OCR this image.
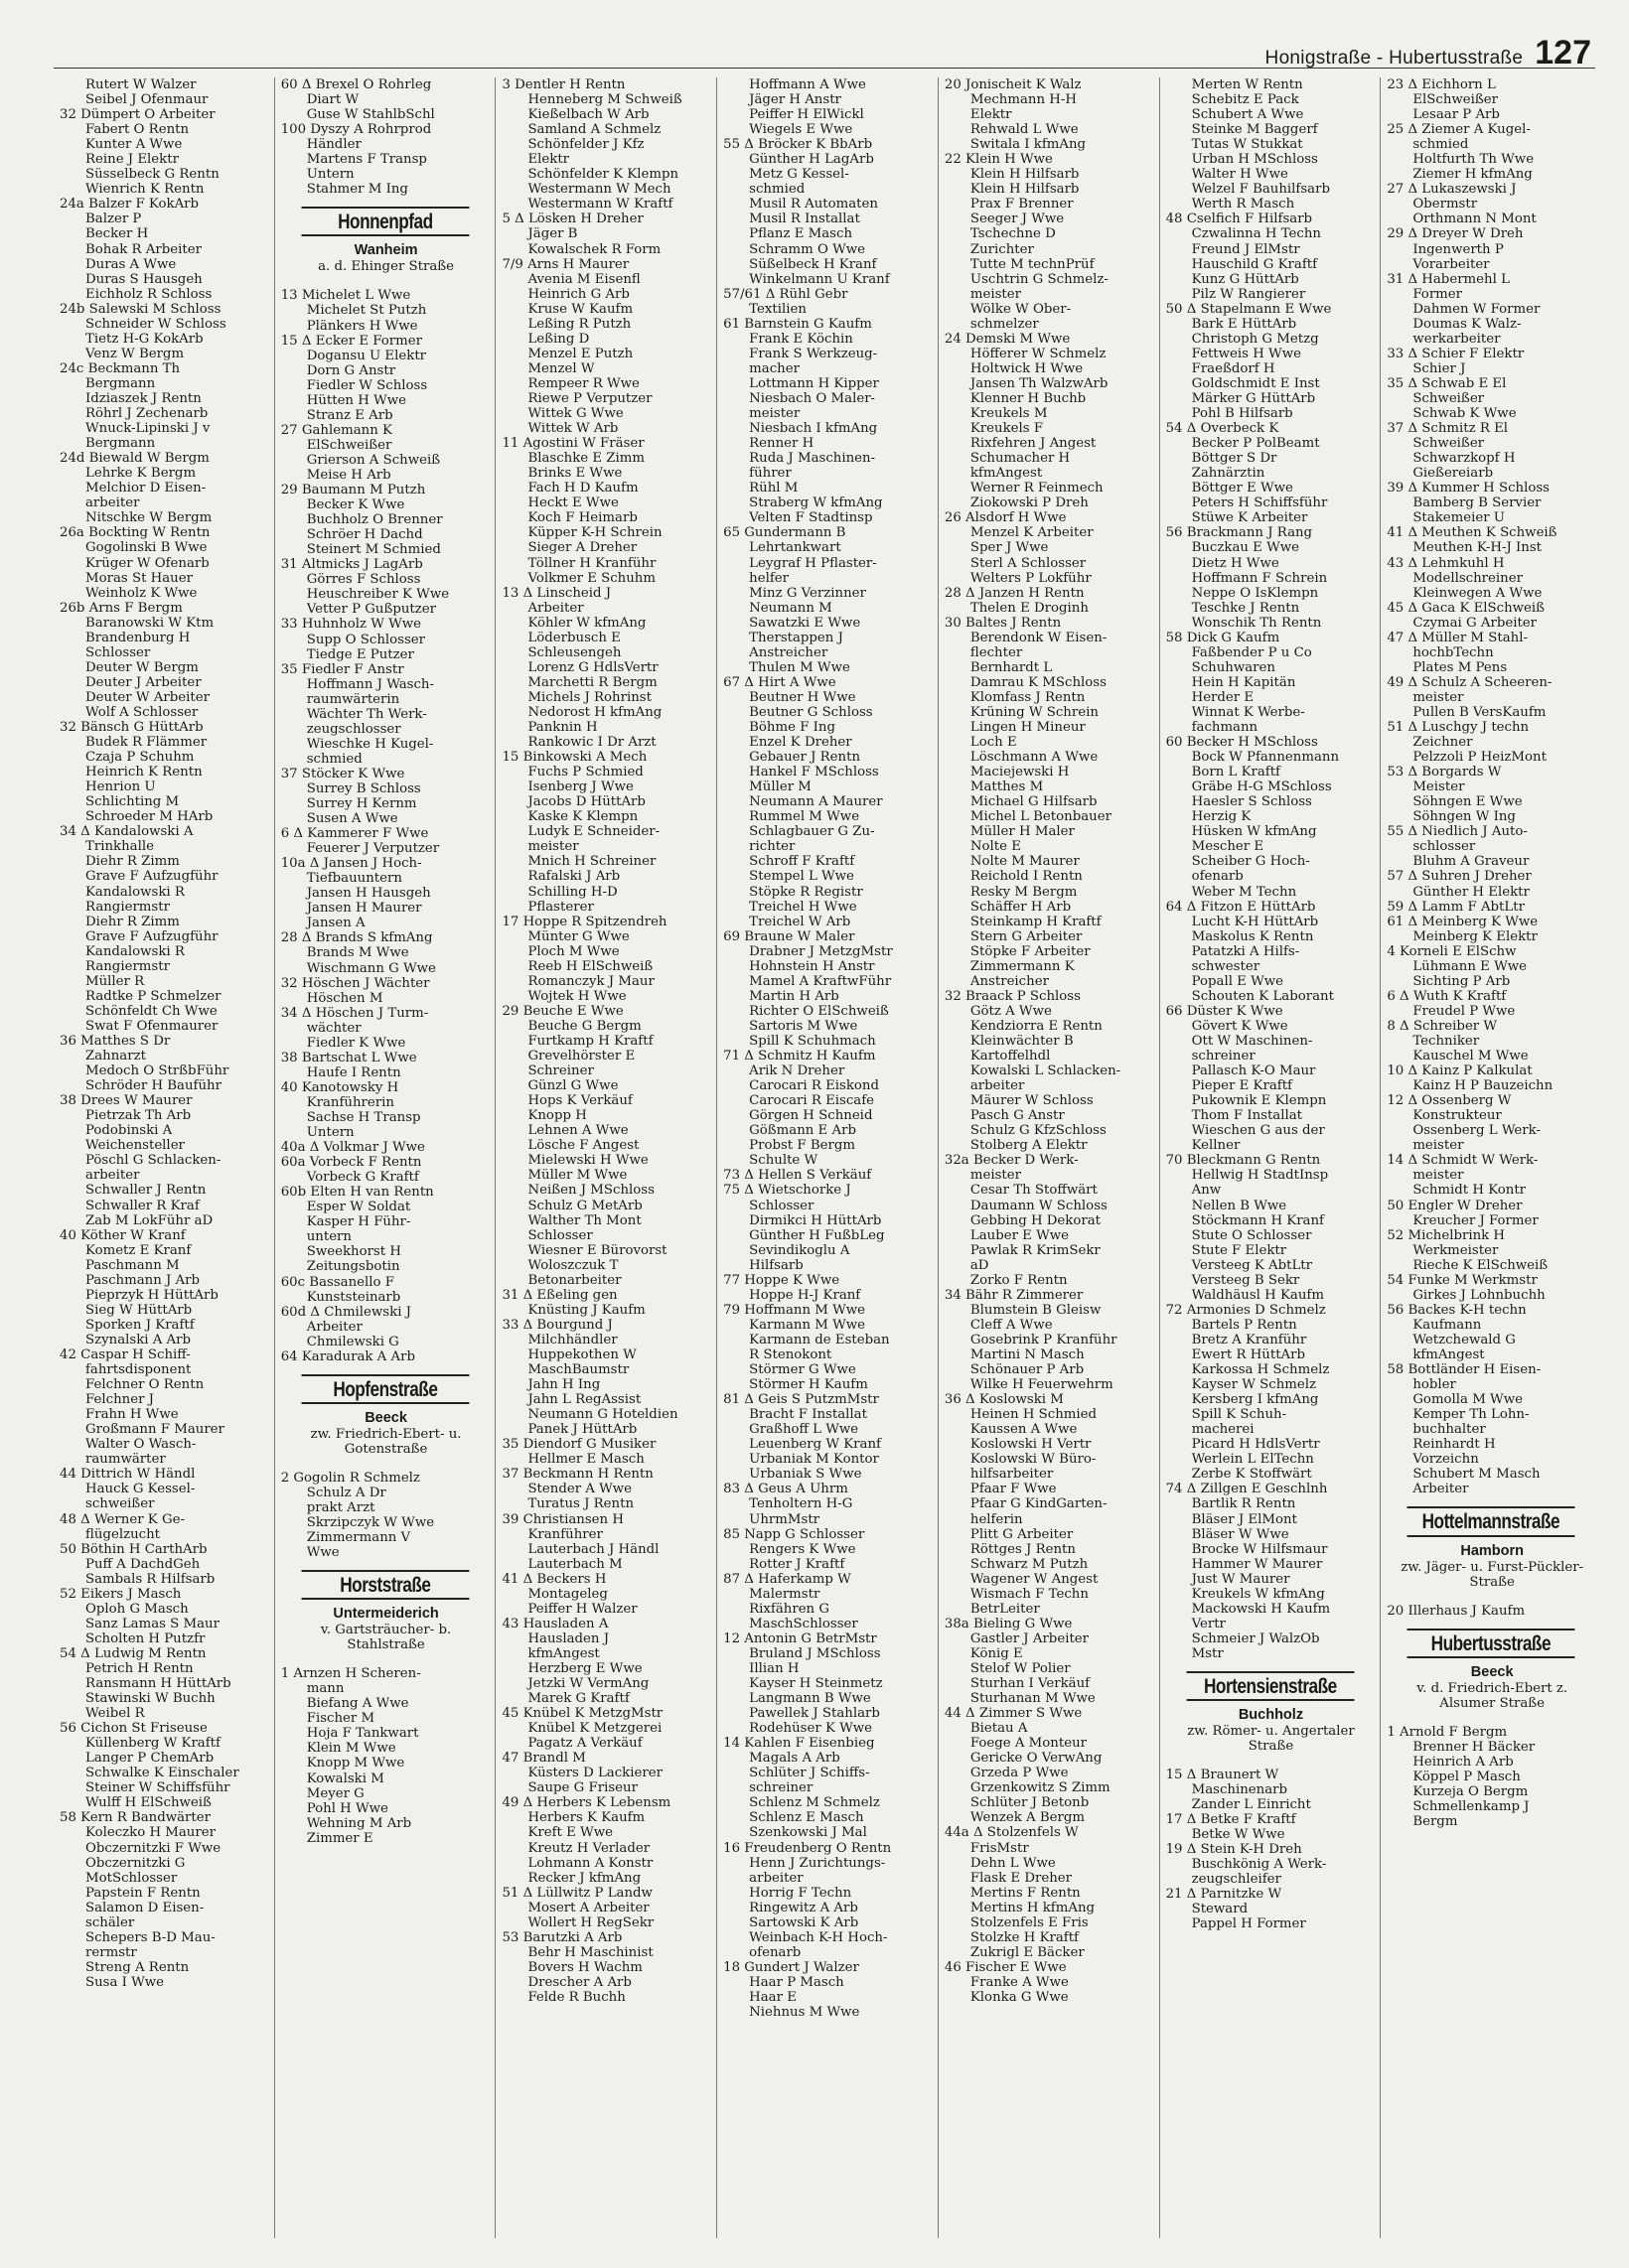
Honigstraße - Hubertusstraße 127
Rutert W Walzer
Seibel J Ofenmaur
32 Dümpert O Arbeiter
Fabert O Rentn
Kunter A Wwe
Reine J Elektr
Süsselbeck G Rentn
Wienrich K Rentn
24a Balzer F KokArb
Balzer P
Becker H
Bohak R Arbeiter
Duras A Wwe
Duras S Hausgeh
Eichholz R Schloss
24b Salewski M Schloss
Schneider W Schloss
Tietz H-G KokArb
Venz W Bergm
24c Beckmann Th
Bergmann
Idziaszek J Rentn
Röhrl J Zechenarb
Wnuck-Lipinski J v
Bergmann
24d Biewald W Bergm
Lehrke K Bergm
Melchior D Eisen-
arbeiter
Nitschke W Bergm
26a Bockting W Rentn
Gogolinski B Wwe
Krüger W Ofenarb
Moras St Hauer
Weinholz K Wwe
26b Arns F Bergm
Baranowski W Ktm
Brandenburg H
Schlosser
Deuter W Bergm
Deuter J Arbeiter
Deuter W Arbeiter
Wolf A Schlosser
32 Bänsch G HüttArb
Budek R Flämmer
Czaja P Schuhm
Heinrich K Rentn
Henrion U
Schlichting M
Schroeder M HArb
34 Δ Kandalowski A
Trinkhalle
Diehr R Zimm
Grave F Aufzugführ
Kandalowski R
Rangiermstr
Diehr R Zimm
Grave F Aufzugführ
Kandalowski R
Rangiermstr
Müller R
Radtke P Schmelzer
Schönfeldt Ch Wwe
Swat F Ofenmaurer
36 Matthes S Dr
Zahnarzt
Medoch O StrßbFühr
Schröder H Bauführ
38 Drees W Maurer
Pietrzak Th Arb
Podobinski A
Weichensteller
Pöschl G Schlacken-
arbeiter
Schwaller J Rentn
Schwaller R Kraf
Zab M LokFühr aD
40 Köther W Kranf
Kometz E Kranf
Paschmann M
Paschmann J Arb
Pieprzyk H HüttArb
Sieg W HüttArb
Sporken J Kraftf
Szynalski A Arb
42 Caspar H Schiff-
fahrtsdisponent
Felchner O Rentn
Felchner J
Frahn H Wwe
Großmann F Maurer
Walter O Wasch-
raumwärter
44 Dittrich W Händl
Hauck G Kessel-
schweißer
48 Δ Werner K Ge-
flügelzucht
50 Böthin H CarthArb
Puff A DachdGeh
Sambals R Hilfsarb
52 Eikers J Masch
Oploh G Masch
Sanz Lamas S Maur
Scholten H Putzfr
54 Δ Ludwig M Rentn
Petrich H Rentn
Ransmann H HüttArb
Stawinski W Buchh
Weibel R
56 Cichon St Friseuse
Küllenberg W Kraftf
Langer P ChemArb
Schwalke K Einschaler
Steiner W Schiffsführ
Wulff H ElSchweiß
58 Kern R Bandwärter
Koleczko H Maurer
Obczernitzki F Wwe
Obczernitzki G
MotSchlosser
Papstein F Rentn
Salamon D Eisen-
schäler
Schepers B-D Mau-
rermstr
Streng A Rentn
Susa I Wwe
60 Δ Brexel O Rohrleg
Diart W
Guse W StahlbSchl
100 Dyszy A Rohrprod
Händler
Martens F Transp
Untern
Stahmer M Ing
Honnenpfad
Wanheim
a. d. Ehinger Straße
13 Michelet L Wwe
Michelet St Putzh
Plänkers H Wwe
15 Δ Ecker E Former
Dogansu U Elektr
Dorn G Anstr
Fiedler W Schloss
Hütten H Wwe
Stranz E Arb
27 Gahlemann K
ElSchweißer
Grierson A Schweiß
Meise H Arb
29 Baumann M Putzh
Becker K Wwe
Buchholz O Brenner
Schröer H Dachd
Steinert M Schmied
31 Altmicks J LagArb
Görres F Schloss
Heuschreiber K Wwe
Vetter P Gußputzer
33 Huhnholz W Wwe
Supp O Schlosser
Tiedge E Putzer
35 Fiedler F Anstr
Hoffmann J Wasch-
raumwärterin
Wächter Th Werk-
zeugschlosser
Wieschke H Kugel-
schmied
37 Stöcker K Wwe
Surrey B Schloss
Surrey H Kernm
Susen A Wwe
6 Δ Kammerer F Wwe
Feuerer J Verputzer
10a Δ Jansen J Hoch-
Tiefbauuntern
Jansen H Hausgeh
Jansen H Maurer
Jansen A
28 Δ Brands S kfmAng
Brands M Wwe
Wischmann G Wwe
32 Höschen J Wächter
Höschen M
34 Δ Höschen J Turm-
wächter
Fiedler K Wwe
38 Bartschat L Wwe
Haufe I Rentn
40 Kanotowsky H
Kranführerin
Sachse H Transp
Untern
40a Δ Volkmar J Wwe
60a Vorbeck F Rentn
Vorbeck G Kraftf
60b Elten H van Rentn
Esper W Soldat
Kasper H Führ-
untern
Sweekhorst H
Zeitungsbotin
60c Bassanello F
Kunststeinarb
60d Δ Chmilewski J
Arbeiter
Chmilewski G
64 Karadurak A Arb
Hopfenstraße
Beeck
zw. Friedrich-Ebert- u. Gotenstraße
2 Gogolin R Schmelz
Schulz A Dr
prakt Arzt
Skrzipczyk W Wwe
Zimmermann V
Wwe
Horststraße
Untermeiderich
v. Gartsträucher- b. Stahlstraße
1 Arnzen H Scheren-
mann
Biefang A Wwe
Fischer M
Hoja F Tankwart
Klein M Wwe
Knopp M Wwe
Kowalski M
Meyer G
Pohl H Wwe
Wehning M Arb
Zimmer E
3 Dentler H Rentn
Henneberg M Schweiß
Kießelbach W Arb
Samland A Schmelz
Schönfelder J Kfz
Elektr
Schönfelder K Klempn
Westermann W Mech
Westermann W Kraftf
5 Δ Lösken H Dreher
Jäger B
Kowalschek R Form
7/9 Arns H Maurer
Avenia M Eisenfl
Heinrich G Arb
Kruse W Kaufm
Leßing R Putzh
Leßing D
Menzel E Putzh
Menzel W
Rempeer R Wwe
Riewe P Verputzer
Wittek G Wwe
Wittek W Arb
11 Agostini W Fräser
Blaschke E Zimm
Brinks E Wwe
Fach H D Kaufm
Heckt E Wwe
Koch F Heimarb
Küpper K-H Schrein
Sieger A Dreher
Töllner H Kranführ
Volkmer E Schuhm
13 Δ Linscheid J
Arbeiter
Köhler W kfmAng
Löderbusch E
Schleusengeh
Lorenz G HdlsVertr
Marchetti R Bergm
Michels J Rohrinst
Nedorost H kfmAng
Panknin H
Rankowic I Dr Arzt
15 Binkowski A Mech
Fuchs P Schmied
Isenberg J Wwe
Jacobs D HüttArb
Kaske K Klempn
Ludyk E Schneider-
meister
Mnich H Schreiner
Rafalski J Arb
Schilling H-D
Pflasterer
17 Hoppe R Spitzendreh
Münter G Wwe
Ploch M Wwe
Reeb H ElSchweiß
Romanczyk J Maur
Wojtek H Wwe
29 Beuche E Wwe
Beuche G Bergm
Furtkamp H Kraftf
Grevelhörster E
Schreiner
Günzl G Wwe
Hops K Verkäuf
Knopp H
Lehnen A Wwe
Lösche F Angest
Mielewski H Wwe
Müller M Wwe
Neißen J MSchloss
Schulz G MetArb
Walther Th Mont
Schlosser
Wiesner E Bürovorst
Woloszczuk T
Betonarbeiter
31 Δ Eßeling gen
Knüsting J Kaufm
33 Δ Bourgund J
Milchhändler
Huppekothen W
MaschBaumstr
Jahn H Ing
Jahn L RegAssist
Neumann G Hoteldien
Panek J HüttArb
35 Diendorf G Musiker
Hellmer E Masch
37 Beckmann H Rentn
Stender A Wwe
Turatus J Rentn
39 Christiansen H
Kranführer
Lauterbach J Händl
Lauterbach M
41 Δ Beckers H
Montageleg
Peiffer H Walzer
43 Hausladen A
Hausladen J
kfmAngest
Herzberg E Wwe
Jetzki W VermAng
Marek G Kraftf
45 Knübel K MetzgMstr
Knübel K Metzgerei
Pagatz A Verkäuf
47 Brandl M
Küsters D Lackierer
Saupe G Friseur
49 Δ Herbers K Lebensm
Herbers K Kaufm
Kreft E Wwe
Kreutz H Verlader
Lohmann A Konstr
Recker J kfmAng
51 Δ Lüllwitz P Landw
Mosert A Arbeiter
Wollert H RegSekr
53 Barutzki A Arb
Behr H Maschinist
Bovers H Wachm
Drescher A Arb
Felde R Buchh
Hoffmann A Wwe
Jäger H Anstr
Peiffer H ElWickl
Wiegels E Wwe
55 Δ Bröcker K BbArb
Günther H LagArb
Metz G Kessel-
schmied
Musil R Automaten
Musil R Installat
Pflanz E Masch
Schramm O Wwe
Süßelbeck H Kranf
Winkelmann U Kranf
57/61 Δ Rühl Gebr
Textilien
61 Barnstein G Kaufm
Frank E Köchin
Frank S Werkzeug-
macher
Lottmann H Kipper
Niesbach O Maler-
meister
Niesbach I kfmAng
Renner H
Ruda J Maschinen-
führer
Rühl M
Straberg W kfmAng
Velten F Stadtinsp
65 Gundermann B
Lehrtankwart
Leygraf H Pflaster-
helfer
Minz G Verzinner
Neumann M
Sawatzki E Wwe
Therstappen J
Anstreicher
Thulen M Wwe
67 Δ Hirt A Wwe
Beutner H Wwe
Beutner G Schloss
Böhme F Ing
Enzel K Dreher
Gebauer J Rentn
Hankel F MSchloss
Müller M
Neumann A Maurer
Rummel M Wwe
Schlagbauer G Zu-
richter
Schroff F Kraftf
Stempel L Wwe
Stöpke R Registr
Treichel H Wwe
Treichel W Arb
69 Braune W Maler
Drabner J MetzgMstr
Hohnstein H Anstr
Mamel A KraftwFühr
Martin H Arb
Richter O ElSchweiß
Sartoris M Wwe
Spill K Schuhmach
71 Δ Schmitz H Kaufm
Arik N Dreher
Carocari R Eiskond
Carocari R Eiscafe
Görgen H Schneid
Gößmann E Arb
Probst F Bergm
Schulte W
73 Δ Hellen S Verkäuf
75 Δ Wietschorke J
Schlosser
Dirmikci H HüttArb
Günther H FußbLeg
Sevindikoglu A
Hilfsarb
77 Hoppe K Wwe
Hoppe H-J Kranf
79 Hoffmann M Wwe
Karmann M Wwe
Karmann de Esteban
R Stenokont
Störmer G Wwe
Störmer H Kaufm
81 Δ Geis S PutzmMstr
Bracht F Installat
Graßhoff L Wwe
Leuenberg W Kranf
Urbaniak M Kontor
Urbaniak S Wwe
83 Δ Geus A Uhrm
Tenholtern H-G
UhrmMstr
85 Napp G Schlosser
Rengers K Wwe
Rotter J Kraftf
87 Δ Haferkamp W
Malermstr
Rixfähren G
MaschSchlosser
12 Antonin G BetrMstr
Bruland J MSchloss
Illian H
Kayser H Steinmetz
Langmann B Wwe
Pawellek J Stahlarb
Rodehüser K Wwe
14 Kahlen F Eisenbieg
Magals A Arb
Schlüter J Schiffs-
schreiner
Schlenz M Schmelz
Schlenz E Masch
Szenkowski J Mal
16 Freudenberg O Rentn
Henn J Zurichtungs-
arbeiter
Horrig F Techn
Ringewitz A Arb
Sartowski K Arb
Weinbach K-H Hoch-
ofenarb
18 Gundert J Walzer
Haar P Masch
Haar E
Niehnus M Wwe
20 Jonischeit K Walz
Mechmann H-H
Elektr
Rehwald L Wwe
Switala I kfmAng
22 Klein H Wwe
Klein H Hilfsarb
Klein H Hilfsarb
Prax F Brenner
Seeger J Wwe
Tschechne D
Zurichter
Tutte M technPrüf
Uschtrin G Schmelz-
meister
Wölke W Ober-
schmelzer
24 Demski M Wwe
Höfferer W Schmelz
Holtwick H Wwe
Jansen Th WalzwArb
Klenner H Buchb
Kreukels M
Kreukels F
Rixfehren J Angest
Schumacher H
kfmAngest
Werner R Feinmech
Ziokowski P Dreh
26 Alsdorf H Wwe
Menzel K Arbeiter
Sper J Wwe
Sterl A Schlosser
Welters P Lokführ
28 Δ Janzen H Rentn
Thelen E Droginh
30 Baltes J Rentn
Berendonk W Eisen-
flechter
Bernhardt L
Damrau K MSchloss
Klomfass J Rentn
Krüning W Schrein
Lingen H Mineur
Loch E
Löschmann A Wwe
Maciejewski H
Matthes M
Michael G Hilfsarb
Michel L Betonbauer
Müller H Maler
Nolte E
Nolte M Maurer
Reichold I Rentn
Resky M Bergm
Schäffer H Arb
Steinkamp H Kraftf
Stern G Arbeiter
Stöpke F Arbeiter
Zimmermann K
Anstreicher
32 Braack P Schloss
Götz A Wwe
Kendziorra E Rentn
Kleinwächter B
Kartoffelhdl
Kowalski L Schlacken-
arbeiter
Mäurer W Schloss
Pasch G Anstr
Schulz G KfzSchloss
Stolberg A Elektr
32a Becker D Werk-
meister
Cesar Th Stoffwärt
Daumann W Schloss
Gebbing H Dekorat
Lauber E Wwe
Pawlak R KrimSekr
aD
Zorko F Rentn
34 Bähr R Zimmerer
Blumstein B Gleisw
Cleff A Wwe
Gosebrink P Kranführ
Martini N Masch
Schönauer P Arb
Wilke H Feuerwehrm
36 Δ Koslowski M
Heinen H Schmied
Kaussen A Wwe
Koslowski H Vertr
Koslowski W Büro-
hilfsarbeiter
Pfaar F Wwe
Pfaar G KindGarten-
helferin
Plitt G Arbeiter
Röttges J Rentn
Schwarz M Putzh
Wagener W Angest
Wismach F Techn
BetrLeiter
38a Bieling G Wwe
Gastler J Arbeiter
König E
Stelof W Polier
Sturhan I Verkäuf
Sturhanan M Wwe
44 Δ Zimmer S Wwe
Bietau A
Foege A Monteur
Gericke O VerwAng
Grzeda P Wwe
Grzenkowitz S Zimm
Schlüter J Betonb
Wenzek A Bergm
44a Δ Stolzenfels W
FrisMstr
Dehn L Wwe
Flask E Dreher
Mertins F Rentn
Mertins H kfmAng
Stolzenfels E Fris
Stolzke H Kraftf
Zukrigl E Bäcker
46 Fischer E Wwe
Franke A Wwe
Klonka G Wwe
Merten W Rentn
Schebitz E Pack
Schubert A Wwe
Steinke M Baggerf
Tutas W Stukkat
Urban H MSchloss
Walter H Wwe
Welzel F Bauhilfsarb
Werth R Masch
48 Cselfich F Hilfsarb
Czwalinna H Techn
Freund J ElMstr
Hauschild G Kraftf
Kunz G HüttArb
Pilz W Rangierer
50 Δ Stapelmann E Wwe
Bark E HüttArb
Christoph G Metzg
Fettweis H Wwe
Fraeßdorf H
Goldschmidt E Inst
Märker G HüttArb
Pohl B Hilfsarb
54 Δ Overbeck K
Becker P PolBeamt
Böttger S Dr
Zahnärztin
Böttger E Wwe
Peters H Schiffsführ
Stüwe K Arbeiter
56 Brackmann J Rang
Buczkau E Wwe
Dietz H Wwe
Hoffmann F Schrein
Neppe O IsKlempn
Teschke J Rentn
Wonschik Th Rentn
58 Dick G Kaufm
Faßbender P u Co
Schuhwaren
Hein H Kapitän
Herder E
Winnat K Werbe-
fachmann
60 Becker H MSchloss
Bock W Pfannenmann
Born L Kraftf
Gräbe H-G MSchloss
Haesler S Schloss
Herzig K
Hüsken W kfmAng
Mescher E
Scheiber G Hoch-
ofenarb
Weber M Techn
64 Δ Fitzon E HüttArb
Lucht K-H HüttArb
Maskolus K Rentn
Patatzki A Hilfs-
schwester
Popall E Wwe
Schouten K Laborant
66 Düster K Wwe
Gövert K Wwe
Ott W Maschinen-
schreiner
Pallasch K-O Maur
Pieper E Kraftf
Pukownik E Klempn
Thom F Installat
Wieschen G aus der
Kellner
70 Bleckmann G Rentn
Hellwig H StadtInsp
Anw
Nellen B Wwe
Stöckmann H Kranf
Stute O Schlosser
Stute F Elektr
Versteeg K AbtLtr
Versteeg B Sekr
Waldhäusl H Kaufm
72 Armonies D Schmelz
Bartels P Rentn
Bretz A Kranführ
Ewert R HüttArb
Karkossa H Schmelz
Kayser W Schmelz
Kersberg I kfmAng
Spill K Schuh-
macherei
Picard H HdlsVertr
Werlein L ElTechn
Zerbe K Stoffwärt
74 Δ Zillgen E Geschlnh
Bartlik R Rentn
Bläser J ElMont
Bläser W Wwe
Brocke W Hilfsmaur
Hammer W Maurer
Just W Maurer
Kreukels W kfmAng
Mackowski H Kaufm
Vertr
Schmeier J WalzOb
Mstr
Hortensienstraße
Buchholz
zw. Römer- u. Angertaler Straße
15 Δ Braunert W
Maschinenarb
Zander L Einricht
17 Δ Betke F Kraftf
Betke W Wwe
19 Δ Stein K-H Dreh
Buschkönig A Werk-
zeugschleifer
21 Δ Parnitzke W
Steward
Pappel H Former
23 Δ Eichhorn L
ElSchweißer
Lesaar P Arb
25 Δ Ziemer A Kugel-
schmied
Holtfurth Th Wwe
Ziemer H kfmAng
27 Δ Lukaszewski J
Obermstr
Orthmann N Mont
29 Δ Dreyer W Dreh
Ingenwerth P
Vorarbeiter
31 Δ Habermehl L
Former
Dahmen W Former
Doumas K Walz-
werkarbeiter
33 Δ Schier F Elektr
Schier J
35 Δ Schwab E El
Schweißer
Schwab K Wwe
37 Δ Schmitz R El
Schweißer
Schwarzkopf H
Gießereiarb
39 Δ Kummer H Schloss
Bamberg B Servier
Stakemeier U
41 Δ Meuthen K Schweiß
Meuthen K-H-J Inst
43 Δ Lehmkuhl H
Modellschreiner
Kleinwegen A Wwe
45 Δ Gaca K ElSchweiß
Czymai G Arbeiter
47 Δ Müller M Stahl-
hochbTechn
Plates M Pens
49 Δ Schulz A Scheeren-
meister
Pullen B VersKaufm
51 Δ Luschgy J techn
Zeichner
Pelzzoli P HeizMont
53 Δ Borgards W
Meister
Söhngen E Wwe
Söhngen W Ing
55 Δ Niedlich J Auto-
schlosser
Bluhm A Graveur
57 Δ Suhren J Dreher
Günther H Elektr
59 Δ Lamm F AbtLtr
61 Δ Meinberg K Wwe
Meinberg K Elektr
4 Korneli E ElSchw
Lühmann E Wwe
Sichting P Arb
6 Δ Wuth K Kraftf
Freudel P Wwe
8 Δ Schreiber W
Techniker
Kauschel M Wwe
10 Δ Kainz P Kalkulat
Kainz H P Bauzeichn
12 Δ Ossenberg W
Konstrukteur
Ossenberg L Werk-
meister
14 Δ Schmidt W Werk-
meister
Schmidt H Kontr
50 Engler W Dreher
Kreucher J Former
52 Michelbrink H
Werkmeister
Rieche K ElSchweiß
54 Funke M Werkmstr
Girkes J Lohnbuchh
56 Backes K-H techn
Kaufmann
Wetzchewald G
kfmAngest
58 Bottländer H Eisen-
hobler
Gomolla M Wwe
Kemper Th Lohn-
buchhalter
Reinhardt H
Vorzeichn
Schubert M Masch
Arbeiter
Hottelmannstraße
Hamborn
zw. Jäger- u. Furst-Pückler-Straße
20 Illerhaus J Kaufm
Hubertusstraße
Beeck
v. d. Friedrich-Ebert z. Alsumer Straße
1 Arnold F Bergm
Brenner H Bäcker
Heinrich A Arb
Köppel P Masch
Kurzeja O Bergm
Schmellenkamp J
Bergm
